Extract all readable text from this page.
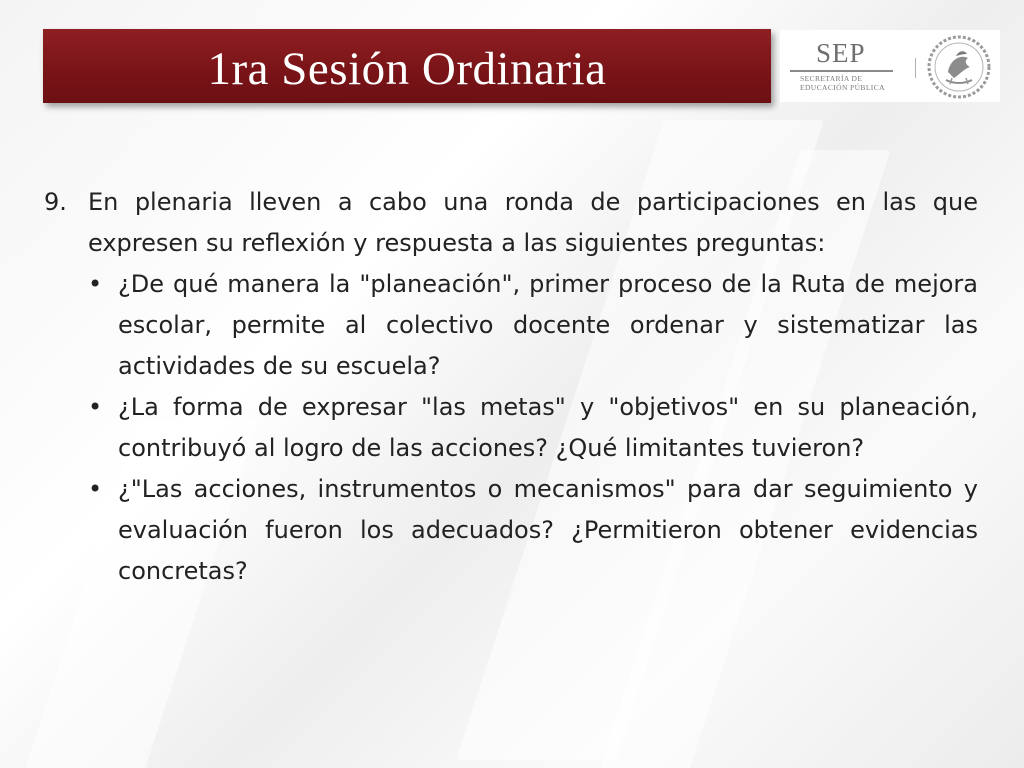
1ra Sesión Ordinaria	SEP
SECRETARÍA DE
EDUCACIÓN PÚBLICA
9. En plenaria lleven a cabo una ronda de participaciones en las que expresen su reflexión y respuesta a las siguientes preguntas:
• ¿De qué manera la "planeación", primer proceso de la Ruta de mejora escolar, permite al colectivo docente ordenar y sistematizar las actividades de su escuela?
• ¿La forma de expresar "las metas" y "objetivos" en su planeación, contribuyó al logro de las acciones? ¿Qué limitantes tuvieron?
• ¿"Las acciones, instrumentos o mecanismos" para dar seguimiento y evaluación fueron los adecuados? ¿Permitieron obtener evidencias concretas?
